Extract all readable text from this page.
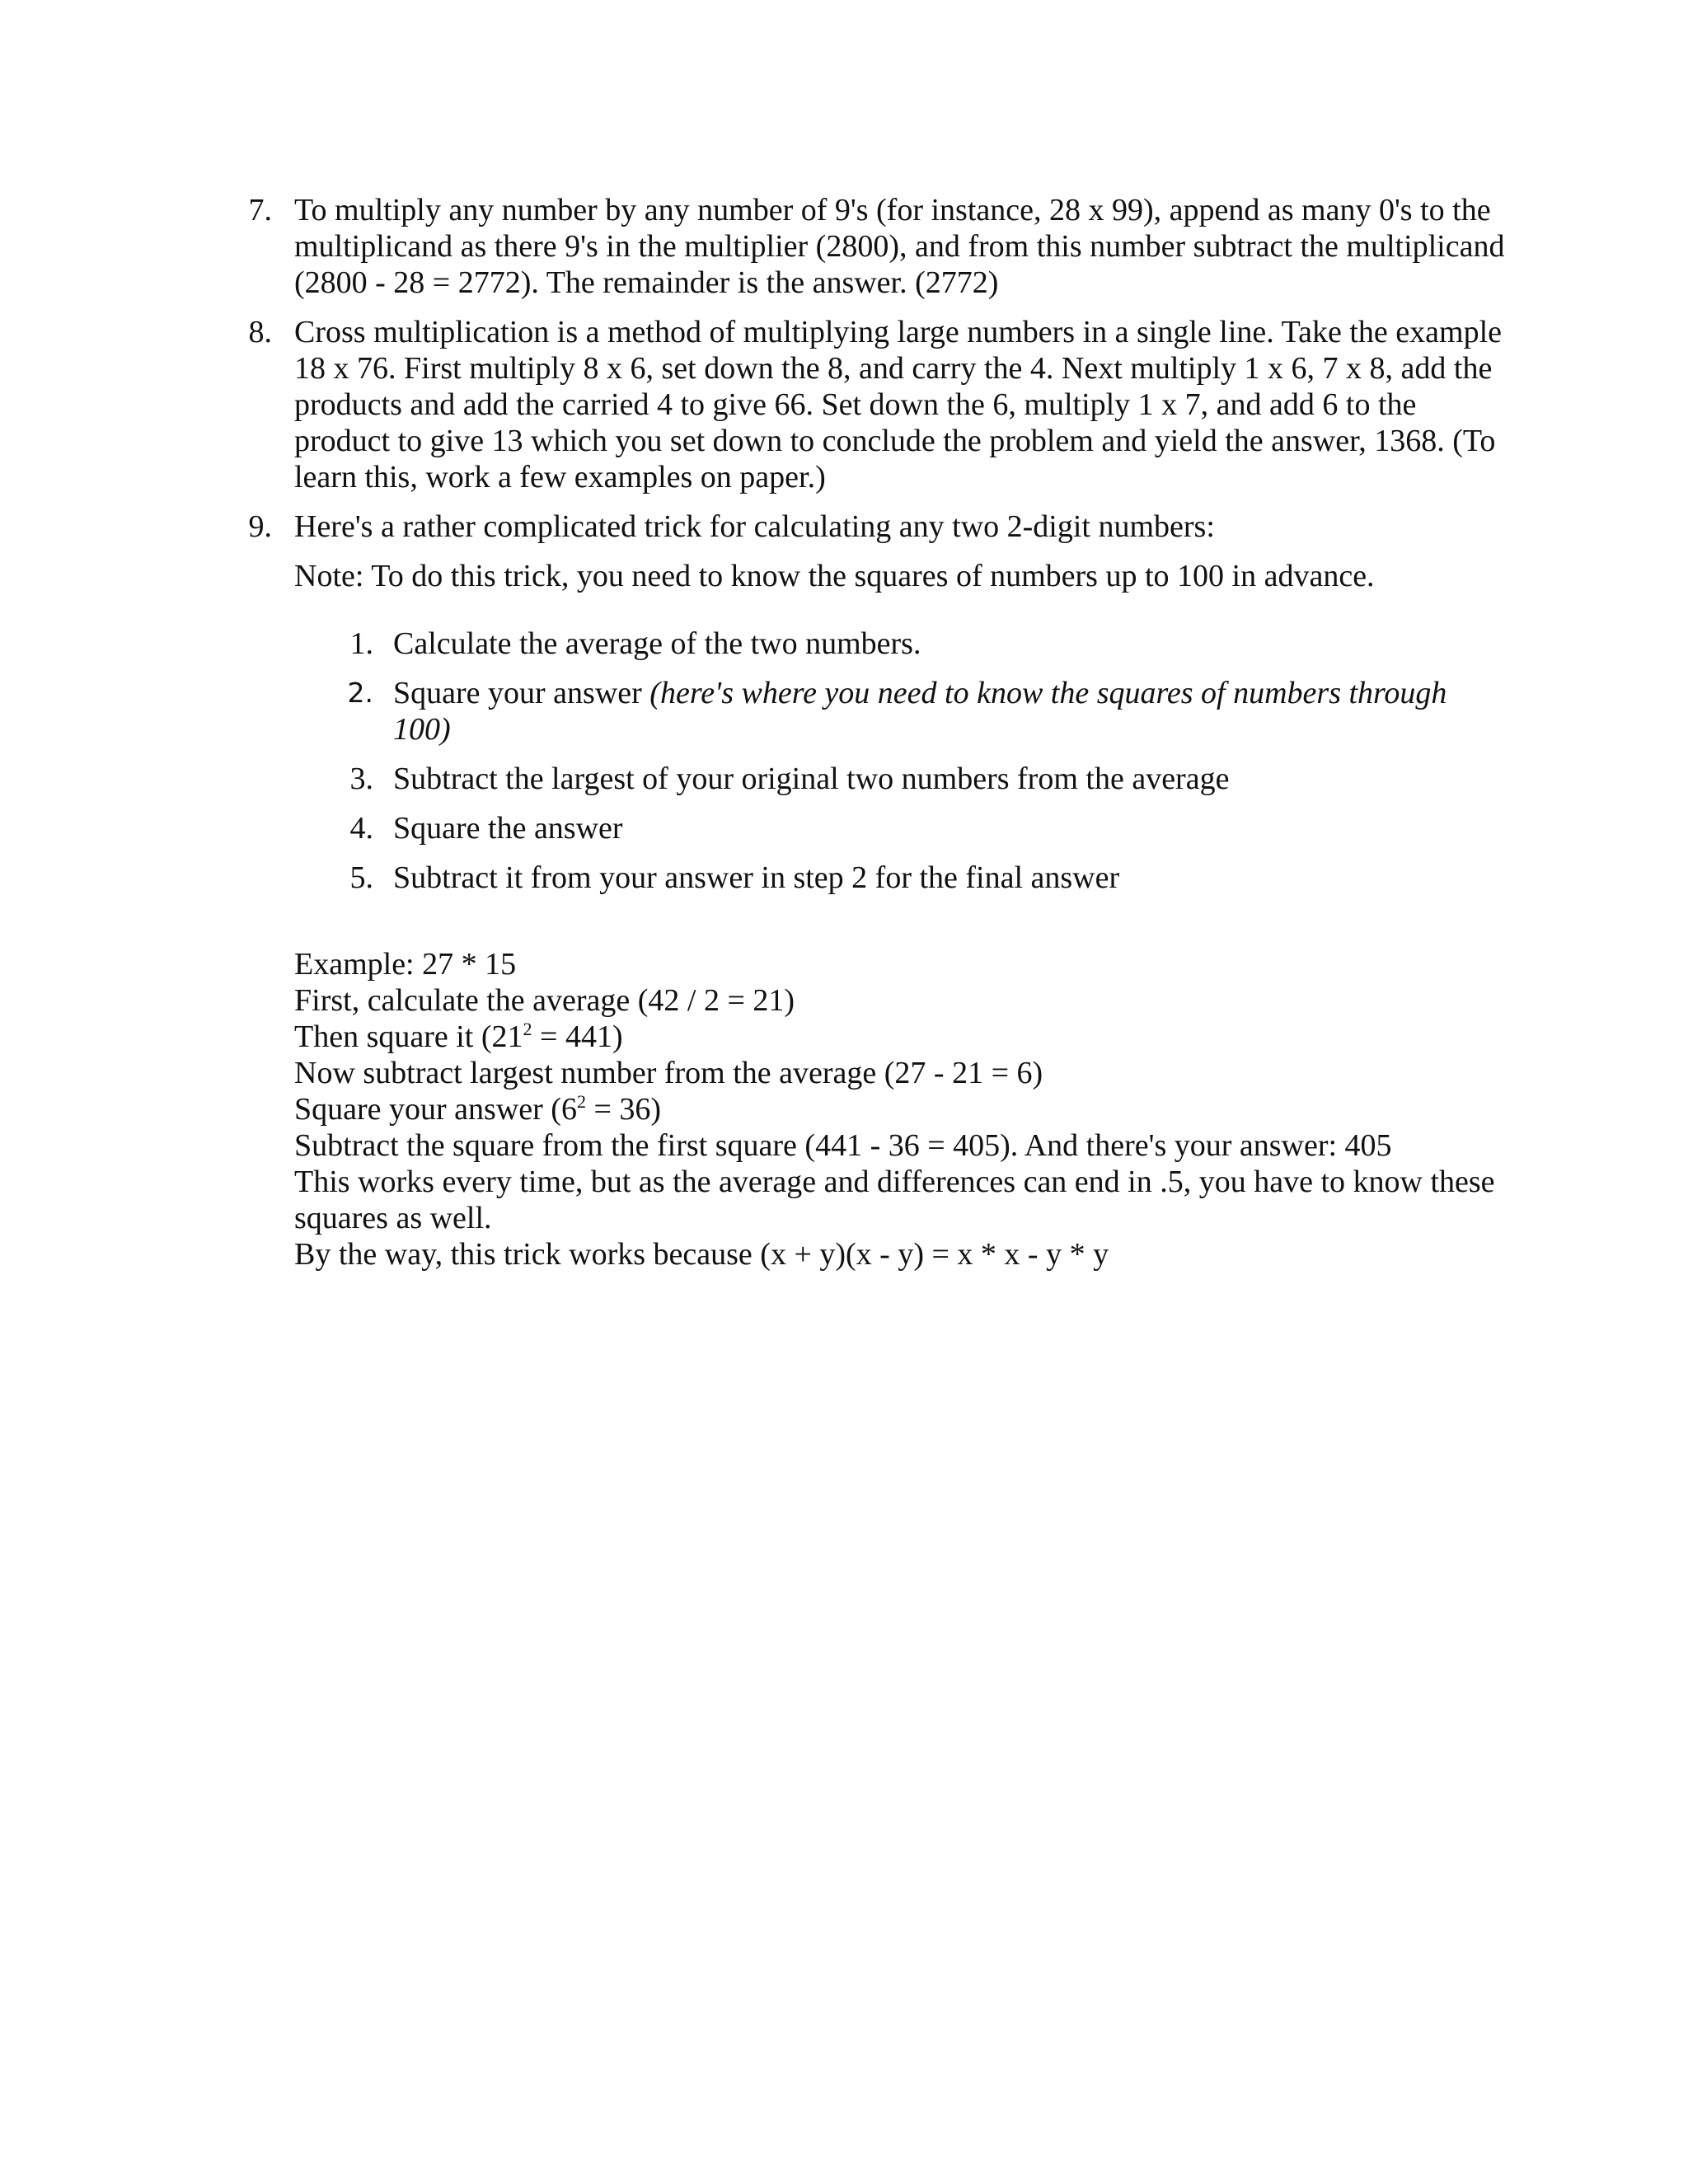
7. To multiply any number by any number of 9's (for instance, 28 x 99), append as many 0's to the multiplicand as there 9's in the multiplier (2800), and from this number subtract the multiplicand (2800 - 28 = 2772). The remainder is the answer. (2772)

8. Cross multiplication is a method of multiplying large numbers in a single line. Take the example 18 x 76. First multiply 8 x 6, set down the 8, and carry the 4. Next multiply 1 x 6, 7 x 8, add the products and add the carried 4 to give 66. Set down the 6, multiply 1 x 7, and add 6 to the product to give 13 which you set down to conclude the problem and yield the answer, 1368. (To learn this, work a few examples on paper.)

9. Here's a rather complicated trick for calculating any two 2-digit numbers:

Note: To do this trick, you need to know the squares of numbers up to 100 in advance.

1. Calculate the average of the two numbers.
2. Square your answer (here's where you need to know the squares of numbers through 100)
3. Subtract the largest of your original two numbers from the average
4. Square the answer
5. Subtract it from your answer in step 2 for the final answer

Example: 27 * 15

First, calculate the average (42 / 2 = 21)

Then square it $(21^2 = 441)$

Now subtract largest number from the average (27 - 21 = 6)

Square your answer $(6^2 = 36)$

Subtract the square from the first square (441 - 36 = 405). And there's your answer: 405

This works every time, but as the average and differences can end in .5, you have to know these squares as well.

By the way, this trick works because (x + y)(x - y) = x * x - y * y
